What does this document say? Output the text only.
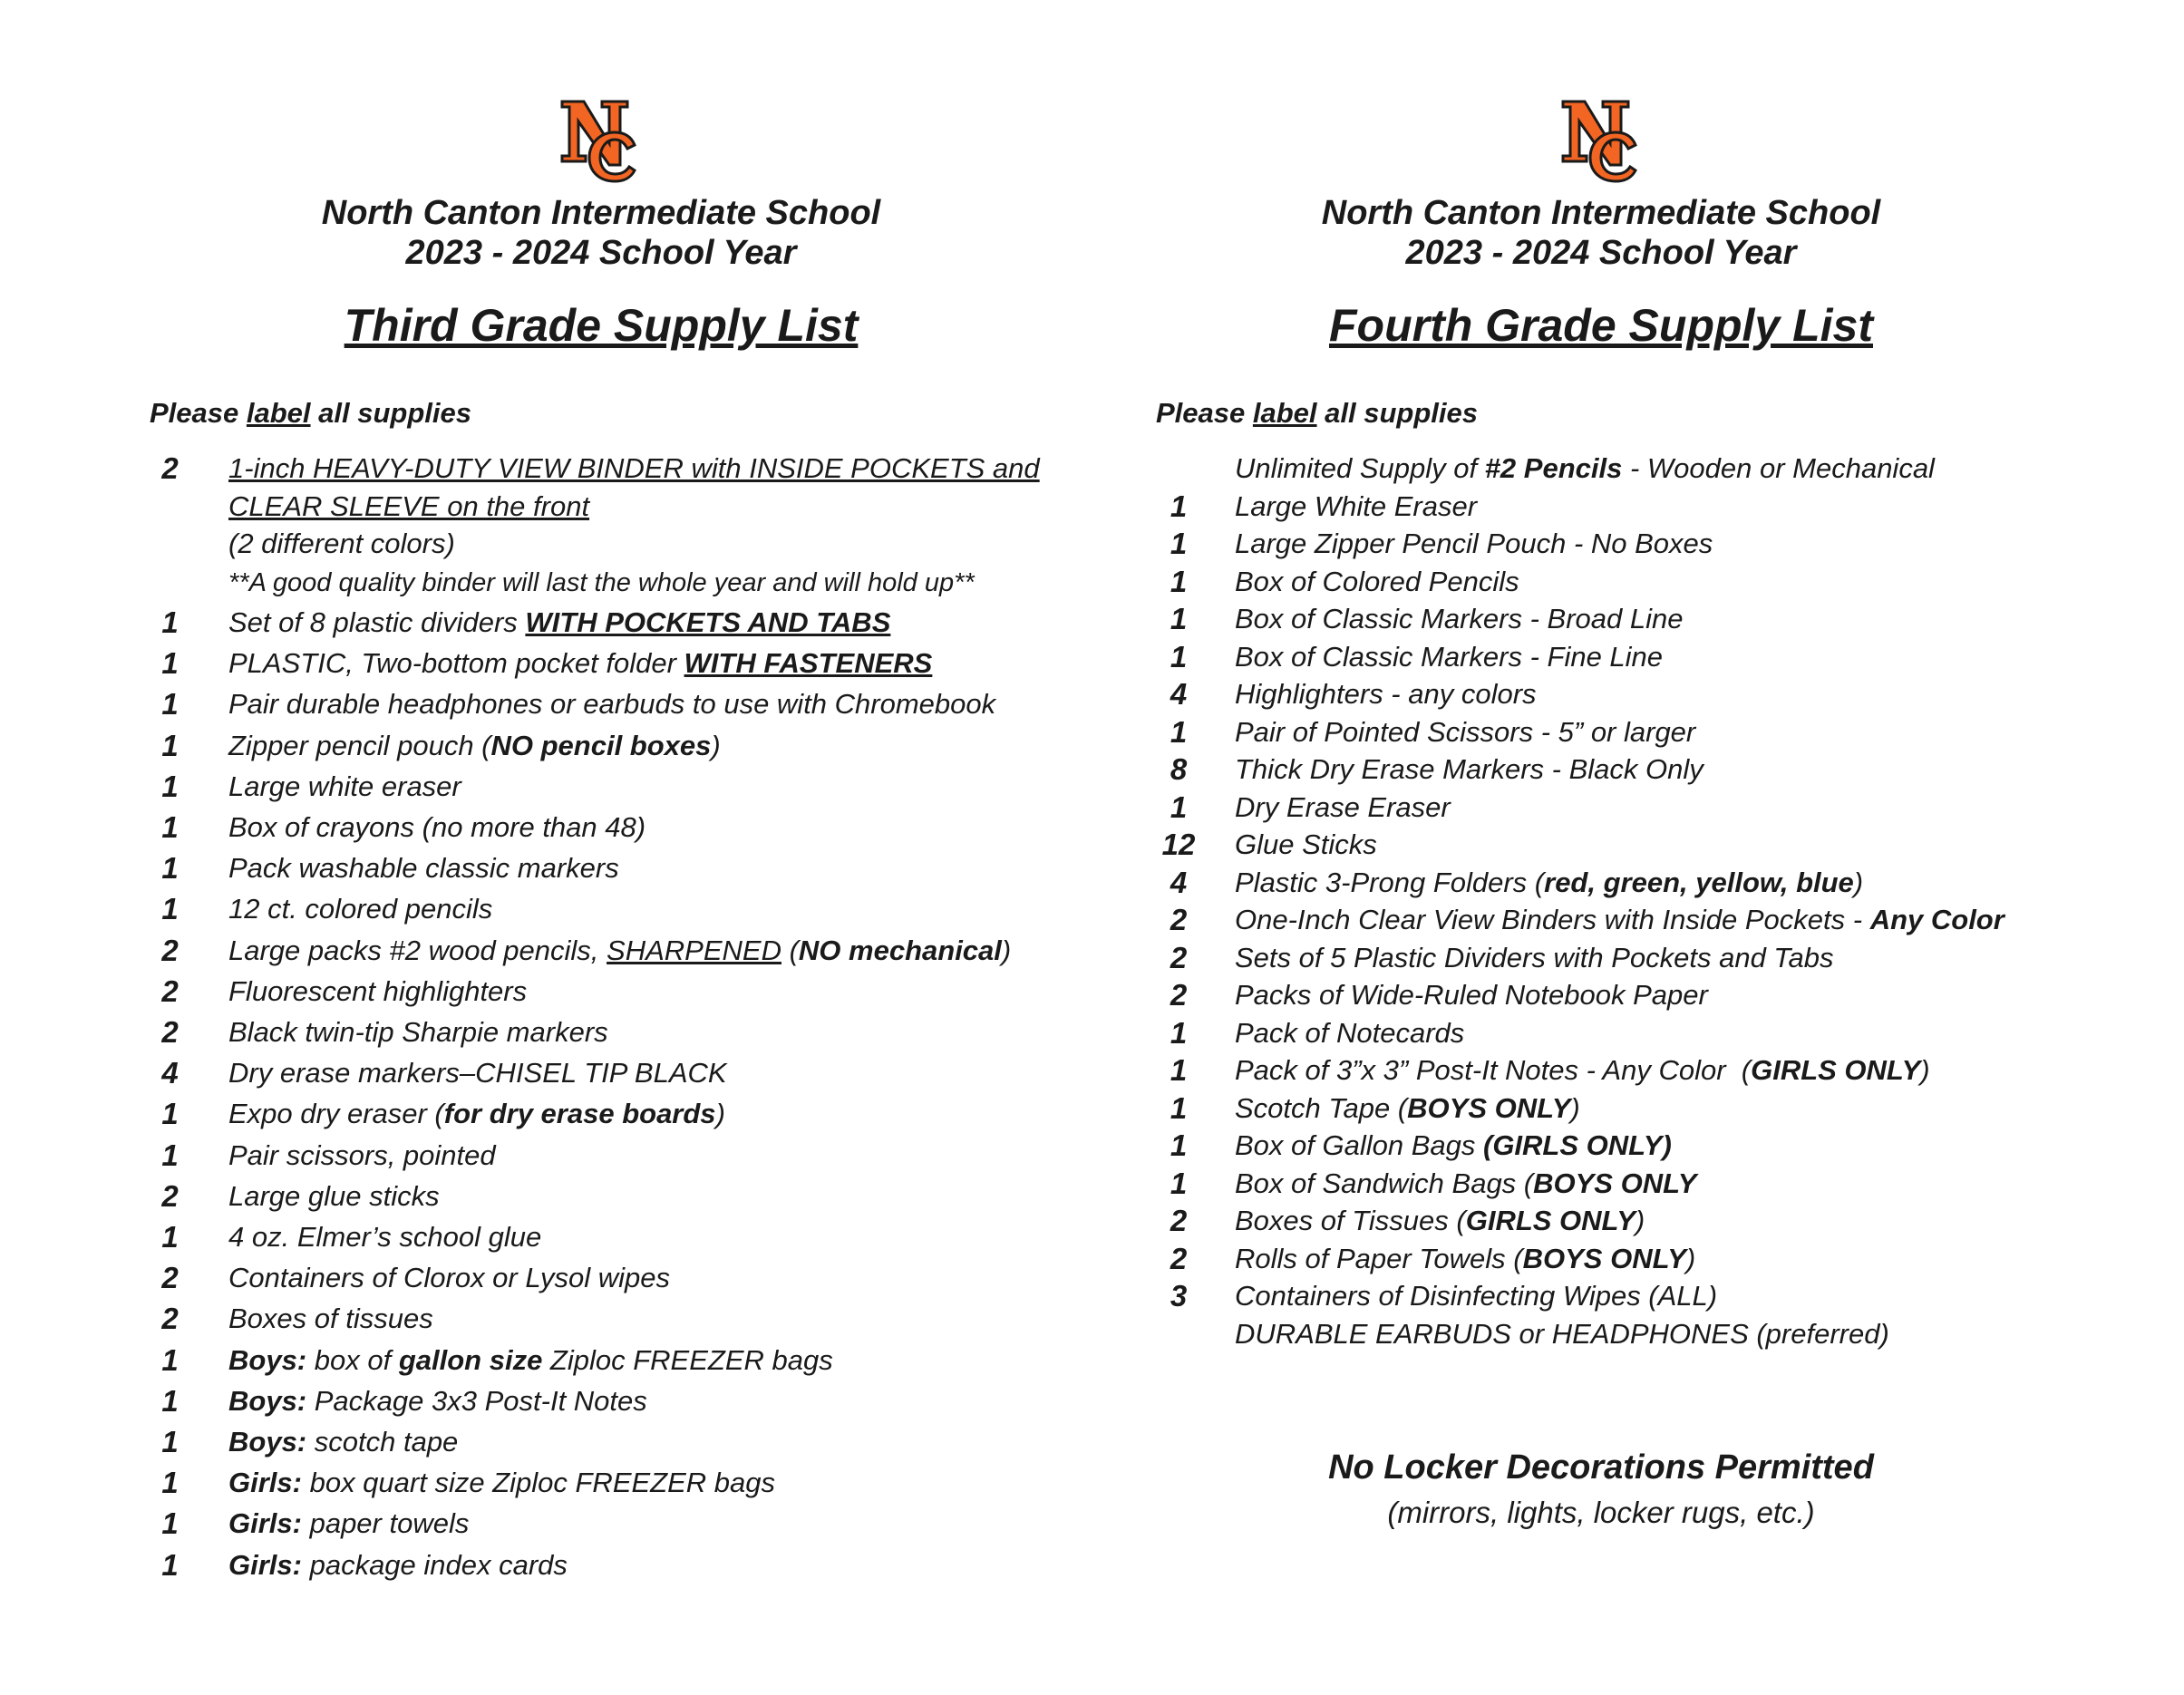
North Canton Intermediate School
2023 - 2024 School Year
Third Grade Supply List
Please label all supplies
2	1-inch HEAVY-DUTY VIEW BINDER with INSIDE POCKETS and
CLEAR SLEEVE on the front
(2 different colors)
**A good quality binder will last the whole year and will hold up**
1	Set of 8 plastic dividers WITH POCKETS AND TABS
1	PLASTIC, Two-bottom pocket folder WITH FASTENERS
1	Pair durable headphones or earbuds to use with Chromebook
1	Zipper pencil pouch (NO pencil boxes)
1	Large white eraser
1	Box of crayons (no more than 48)
1	Pack washable classic markers
1	12 ct. colored pencils
2	Large packs #2 wood pencils, SHARPENED (NO mechanical)
2	Fluorescent highlighters
2	Black twin-tip Sharpie markers
4	Dry erase markers–CHISEL TIP BLACK
1	Expo dry eraser (for dry erase boards)
1	Pair scissors, pointed
2	Large glue sticks
1	4 oz. Elmer’s school glue
2	Containers of Clorox or Lysol wipes
2	Boxes of tissues
1	Boys: box of gallon size Ziploc FREEZER bags
1	Boys: Package 3x3 Post-It Notes
1	Boys: scotch tape
1	Girls: box quart size Ziploc FREEZER bags
1	Girls: paper towels
1	Girls: package index cards
North Canton Intermediate School
2023 - 2024 School Year
Fourth Grade Supply List
Please label all supplies
Unlimited Supply of #2 Pencils - Wooden or Mechanical
1	Large White Eraser
1	Large Zipper Pencil Pouch - No Boxes
1	Box of Colored Pencils
1	Box of Classic Markers - Broad Line
1	Box of Classic Markers - Fine Line
4	Highlighters - any colors
1	Pair of Pointed Scissors - 5” or larger
8	Thick Dry Erase Markers - Black Only
1	Dry Erase Eraser
12 Glue Sticks
4	Plastic 3-Prong Folders (red, green, yellow, blue)
2	One-Inch Clear View Binders with Inside Pockets - Any Color
2	Sets of 5 Plastic Dividers with Pockets and Tabs
2	Packs of Wide-Ruled Notebook Paper
1	Pack of Notecards
1	Pack of 3”x 3” Post-It Notes - Any Color  (GIRLS ONLY)
1	Scotch Tape (BOYS ONLY)
1	Box of Gallon Bags (GIRLS ONLY)
1	Box of Sandwich Bags (BOYS ONLY
2	Boxes of Tissues (GIRLS ONLY)
2	Rolls of Paper Towels (BOYS ONLY)
3	Containers of Disinfecting Wipes (ALL)
DURABLE EARBUDS or HEADPHONES (preferred)
No Locker Decorations Permitted
(mirrors, lights, locker rugs, etc.)
